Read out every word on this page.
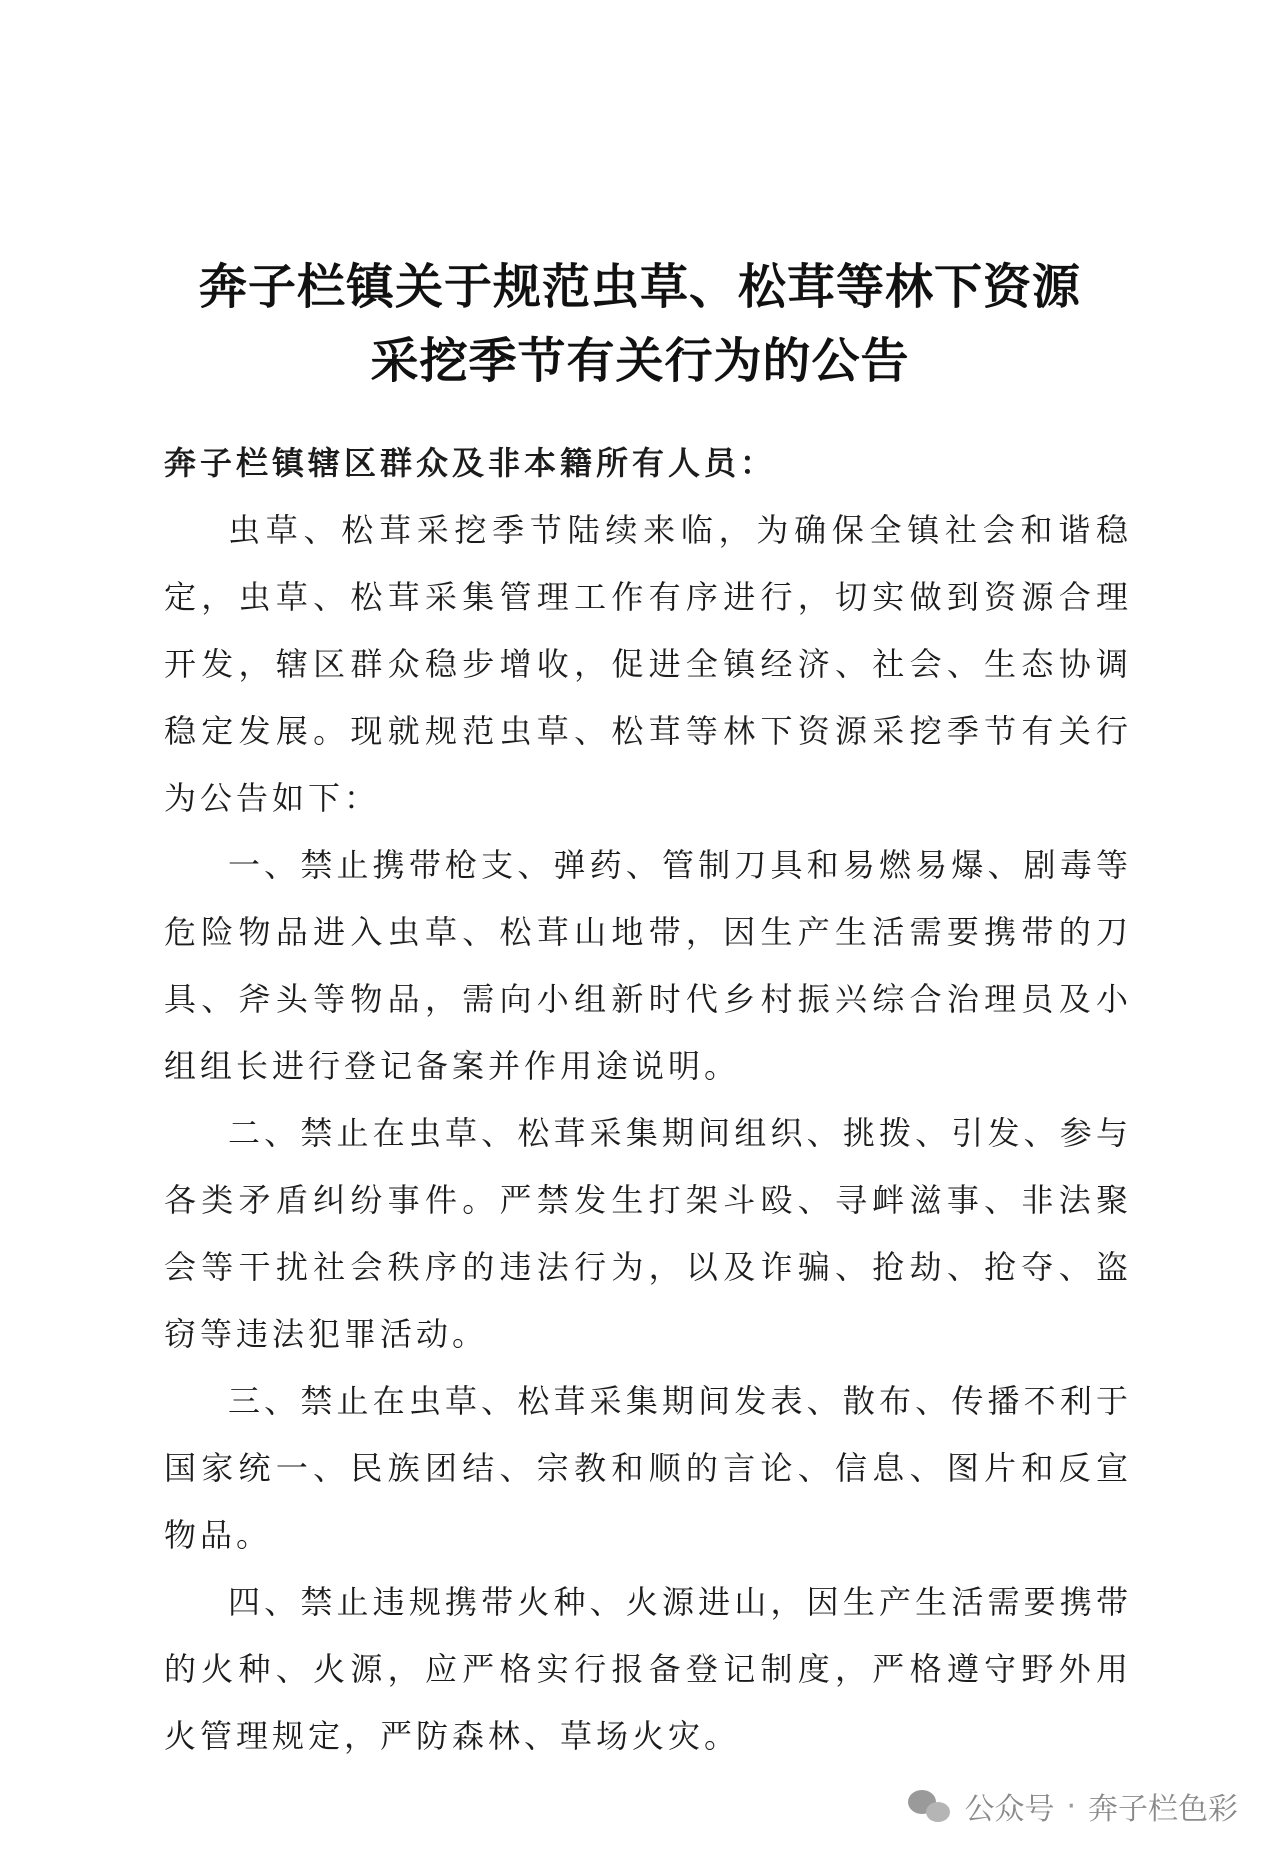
奔子栏镇关于规范虫草、松茸等林下资源
采挖季节有关行为的公告

奔子栏镇辖区群众及非本籍所有人员：

虫草、松茸采挖季节陆续来临，为确保全镇社会和谐稳定，虫草、松茸采集管理工作有序进行，切实做到资源合理开发，辖区群众稳步增收，促进全镇经济、社会、生态协调稳定发展。现就规范虫草、松茸等林下资源采挖季节有关行为公告如下：

一、禁止携带枪支、弹药、管制刀具和易燃易爆、剧毒等危险物品进入虫草、松茸山地带，因生产生活需要携带的刀具、斧头等物品，需向小组新时代乡村振兴综合治理员及小组组长进行登记备案并作用途说明。

二、禁止在虫草、松茸采集期间组织、挑拨、引发、参与各类矛盾纠纷事件。严禁发生打架斗殴、寻衅滋事、非法聚会等干扰社会秩序的违法行为，以及诈骗、抢劫、抢夺、盗窃等违法犯罪活动。

三、禁止在虫草、松茸采集期间发表、散布、传播不利于国家统一、民族团结、宗教和顺的言论、信息、图片和反宣物品。

四、禁止违规携带火种、火源进山，因生产生活需要携带的火种、火源，应严格实行报备登记制度，严格遵守野外用火管理规定，严防森林、草场火灾。

公众号 · 奔子栏色彩
